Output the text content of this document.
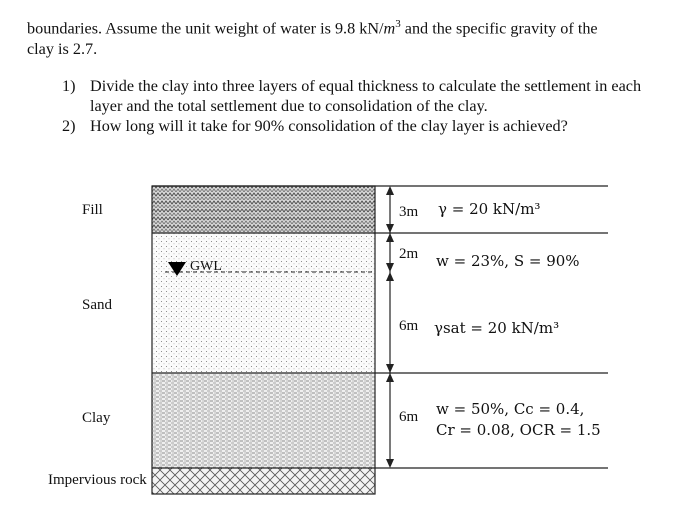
boundaries. Assume the unit weight of water is 9.8 $kN/m^3$ and the specific gravity of the
clay is 2.7.

1) Divide the clay into three layers of equal thickness to calculate the settlement in each layer and the total settlement due to consolidation of the clay.
2) How long will it take for 90% consolidation of the clay layer is achieved?
GWL
Fill
Sand
Clay
Impervious rock
3m
2m
6m
6m
γ = 20 kN/m³
w = 23%, S = 90%
γsat = 20 kN/m³
w = 50%, Cc = 0.4,
Cr = 0.08, OCR = 1.5
